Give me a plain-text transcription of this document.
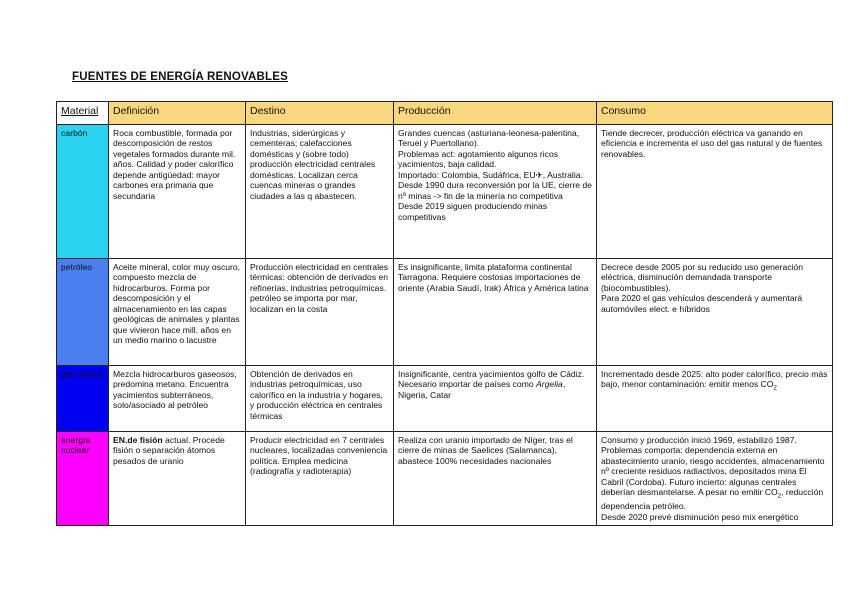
FUENTES DE ENERGÍA RENOVABLES
Material	Definición	Destino	Producción	Consumo
carbón	Roca combustible, formada por descomposición de restos vegetales formados durante mil. años. Calidad y poder calorífico depende antigüedad: mayor carbones era primaria que secundaria	Industrias, siderúrgicas y cementeras; calefacciones domésticas y (sobre todo) producción electricidad centrales domésticas. Localizan cerca cuencas mineras o grandes ciudades a las q abastecen.	Grandes cuencas (asturiana-leonesa-palentina, Teruel y Puertollano).
Problemas act: agotamiento algunos ricos yacimientos, baja calidad.
Importado: Colombia, Sudáfrica, EU✈, Australia.
Desde 1990 dura reconversión por la UE, cierre de nº minas -> fin de la minería no competitiva
Desde 2019 siguen produciendo minas competitivas	Tiende decrecer, producción eléctrica va ganando en eficiencia e incrementa el uso del gas natural y de fuentes renovables.
petróleo	Aceite mineral, color muy oscuro, compuesto mezcla de hidrocarburos. Forma por descomposición y el almacenamiento en las capas geológicas de animales y plantas que vivieron hace mill. años en un medio marino o lacustre	Producción electricidad en centrales térmicas: obtención de derivados en refinerías, industrias petroquímicas. petróleo se importa por mar, localizan en la costa	Es insignificante, limita plataforma continental Tarragona. Requiere costosas importaciones de oriente (Arabia Saudí, Irak) África y América latina	Decrece desde 2005 por su reducido uso generación eléctrica, disminución demandada transporte (biocombustibles).
Para 2020 el gas vehículos descenderá y aumentará automóviles elect. e híbridos

gas natural	Mezcla hidrocarburos gaseosos, predomina metano. Encuentra yacimientos subterráneos, solo/asociado al petróleo	Obtención de derivados en industrias petroquímicas, uso calorífico en la industria y hogares, y producción eléctrica en centrales térmicas	Insignificante, centra yacimientos golfo de Cádiz.
Necesario importar de países como Argelia, Nigeria, Catar	Incrementado desde 2025: alto poder calorífico, precio más bajo, menor contaminación: emitir menos $CO_2$
energía nuclear	EN.de fisión actual. Procede fisión o separación átomos pesados de uranio	Producir electricidad en 7 centrales nucleares, localizadas conveniencia política. Emplea medicina (radiografía y radioterapia)	Realiza con uranio importado de Níger, tras el cierre de minas de Saelices (Salamanca), abastece 100% necesidades nacionales	Consumo y producción inició 1969, estabilizó 1987. Problemas comporta: dependencia externa en abastecimiento uranio, riesgo accidentes, almacenamiento nº creciente residuos radiactivos, depositados mina El Cabril (Cordoba). Futuro incierto: algunas centrales deberían desmantelarse. A pesar no emitir $CO_2$, reducción dependencia petróleo.
Desde 2020 prevé disminución peso mix energético
